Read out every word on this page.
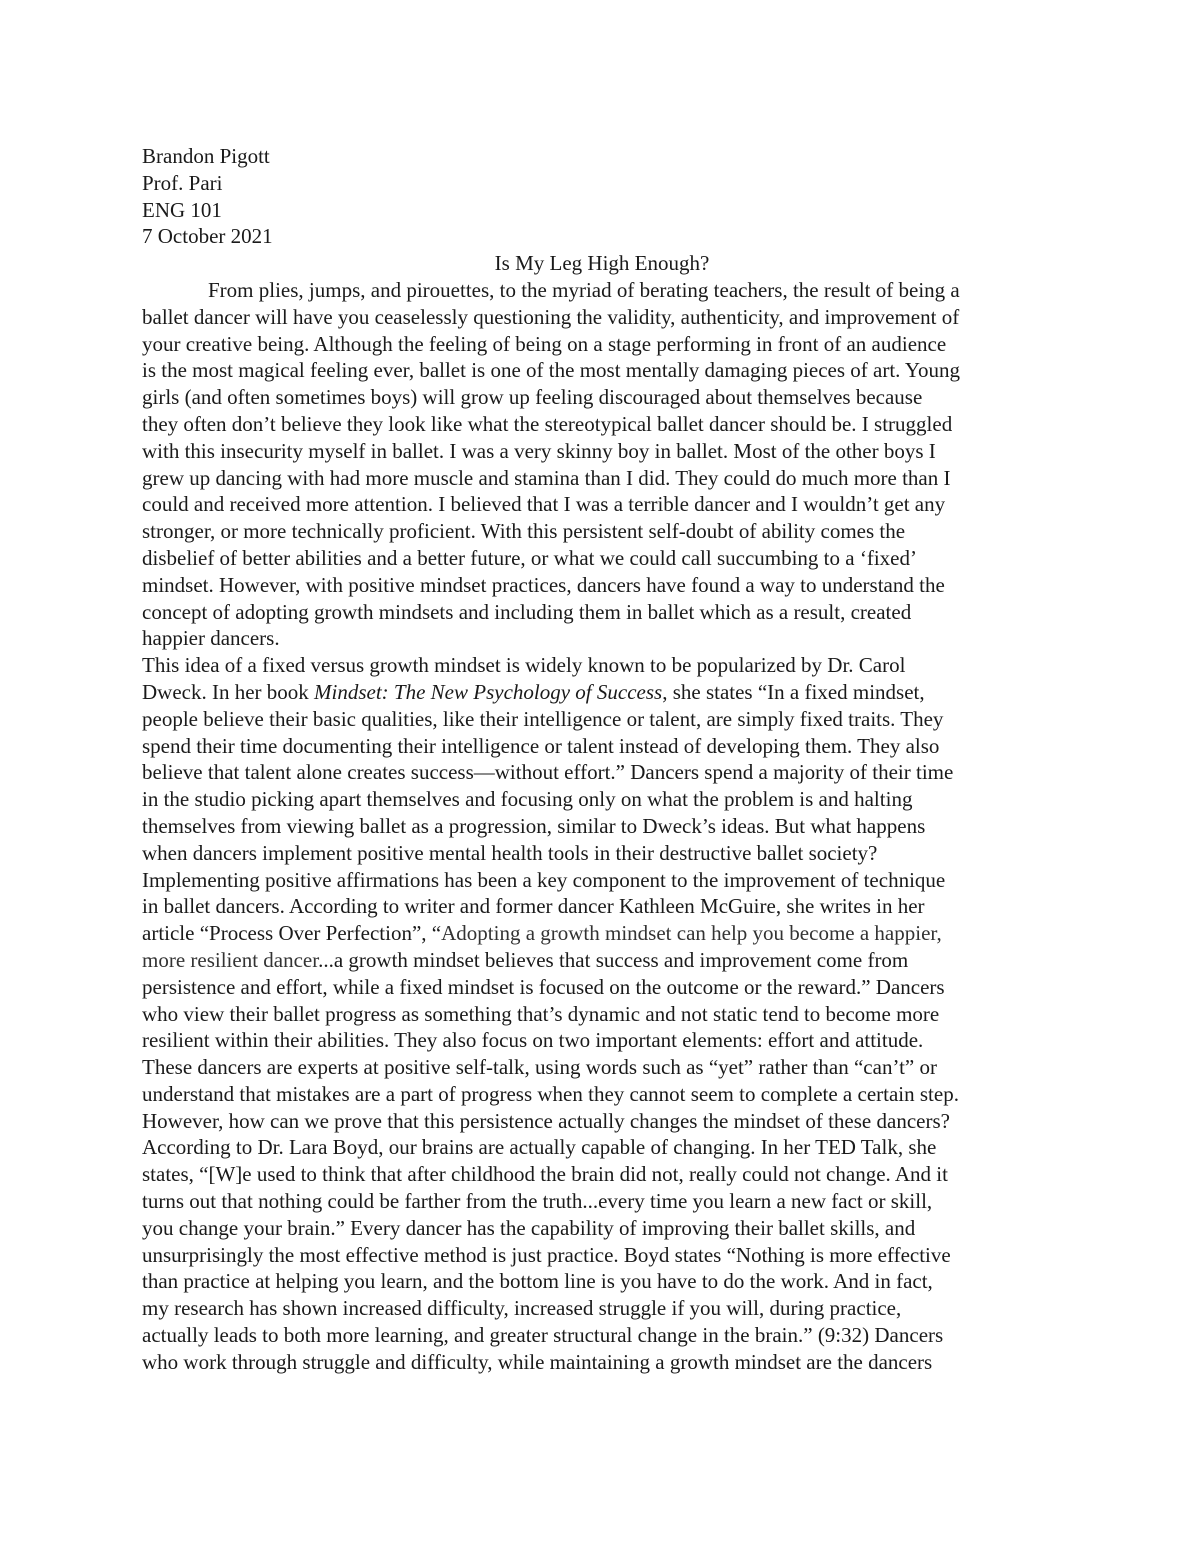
Brandon Pigott
Prof. Pari
ENG 101
7 October 2021
Is My Leg High Enough?
From plies, jumps, and pirouettes, to the myriad of berating teachers, the result of being a
ballet dancer will have you ceaselessly questioning the validity, authenticity, and improvement of
your creative being. Although the feeling of being on a stage performing in front of an audience
is the most magical feeling ever, ballet is one of the most mentally damaging pieces of art. Young
girls (and often sometimes boys) will grow up feeling discouraged about themselves because
they often don’t believe they look like what the stereotypical ballet dancer should be. I struggled
with this insecurity myself in ballet. I was a very skinny boy in ballet. Most of the other boys I
grew up dancing with had more muscle and stamina than I did. They could do much more than I
could and received more attention. I believed that I was a terrible dancer and I wouldn’t get any
stronger, or more technically proficient. With this persistent self-doubt of ability comes the
disbelief of better abilities and a better future, or what we could call succumbing to a ‘fixed’
mindset. However, with positive mindset practices, dancers have found a way to understand the
concept of adopting growth mindsets and including them in ballet which as a result, created
happier dancers.
This idea of a fixed versus growth mindset is widely known to be popularized by Dr. Carol
Dweck. In her book Mindset: The New Psychology of Success, she states “In a fixed mindset,
people believe their basic qualities, like their intelligence or talent, are simply fixed traits. They
spend their time documenting their intelligence or talent instead of developing them. They also
believe that talent alone creates success—without effort.” Dancers spend a majority of their time
in the studio picking apart themselves and focusing only on what the problem is and halting
themselves from viewing ballet as a progression, similar to Dweck’s ideas. But what happens
when dancers implement positive mental health tools in their destructive ballet society?
Implementing positive affirmations has been a key component to the improvement of technique
in ballet dancers. According to writer and former dancer Kathleen McGuire, she writes in her
article “Process Over Perfection”, “Adopting a growth mindset can help you become a happier,
more resilient dancer...a growth mindset believes that success and improvement come from
persistence and effort, while a fixed mindset is focused on the outcome or the reward.” Dancers
who view their ballet progress as something that’s dynamic and not static tend to become more
resilient within their abilities. They also focus on two important elements: effort and attitude.
These dancers are experts at positive self-talk, using words such as “yet” rather than “can’t” or
understand that mistakes are a part of progress when they cannot seem to complete a certain step.
However, how can we prove that this persistence actually changes the mindset of these dancers?
According to Dr. Lara Boyd, our brains are actually capable of changing. In her TED Talk, she
states, “[W]e used to think that after childhood the brain did not, really could not change. And it
turns out that nothing could be farther from the truth...every time you learn a new fact or skill,
you change your brain.” Every dancer has the capability of improving their ballet skills, and
unsurprisingly the most effective method is just practice. Boyd states “Nothing is more effective
than practice at helping you learn, and the bottom line is you have to do the work. And in fact,
my research has shown increased difficulty, increased struggle if you will, during practice,
actually leads to both more learning, and greater structural change in the brain.” (9:32) Dancers
who work through struggle and difficulty, while maintaining a growth mindset are the dancers
